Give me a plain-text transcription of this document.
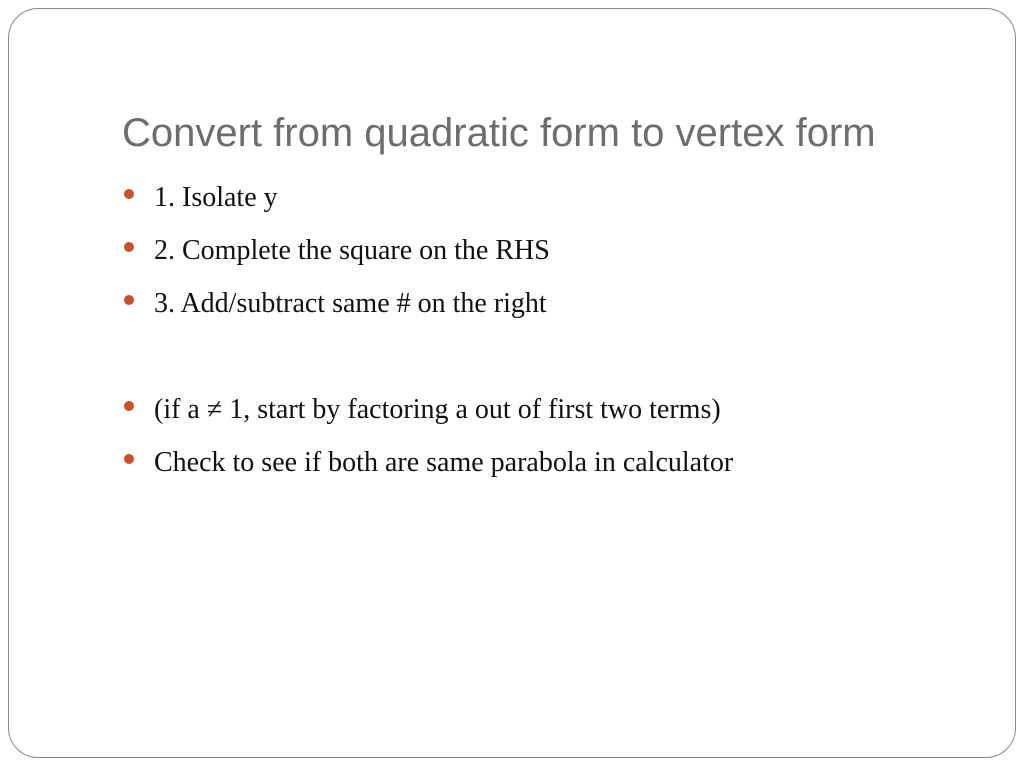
Convert from quadratic form to vertex form
1. Isolate y
2. Complete the square on the RHS
3. Add/subtract same # on the right
(if a ≠ 1, start by factoring a out of first two terms)
Check to see if both are same parabola in calculator
